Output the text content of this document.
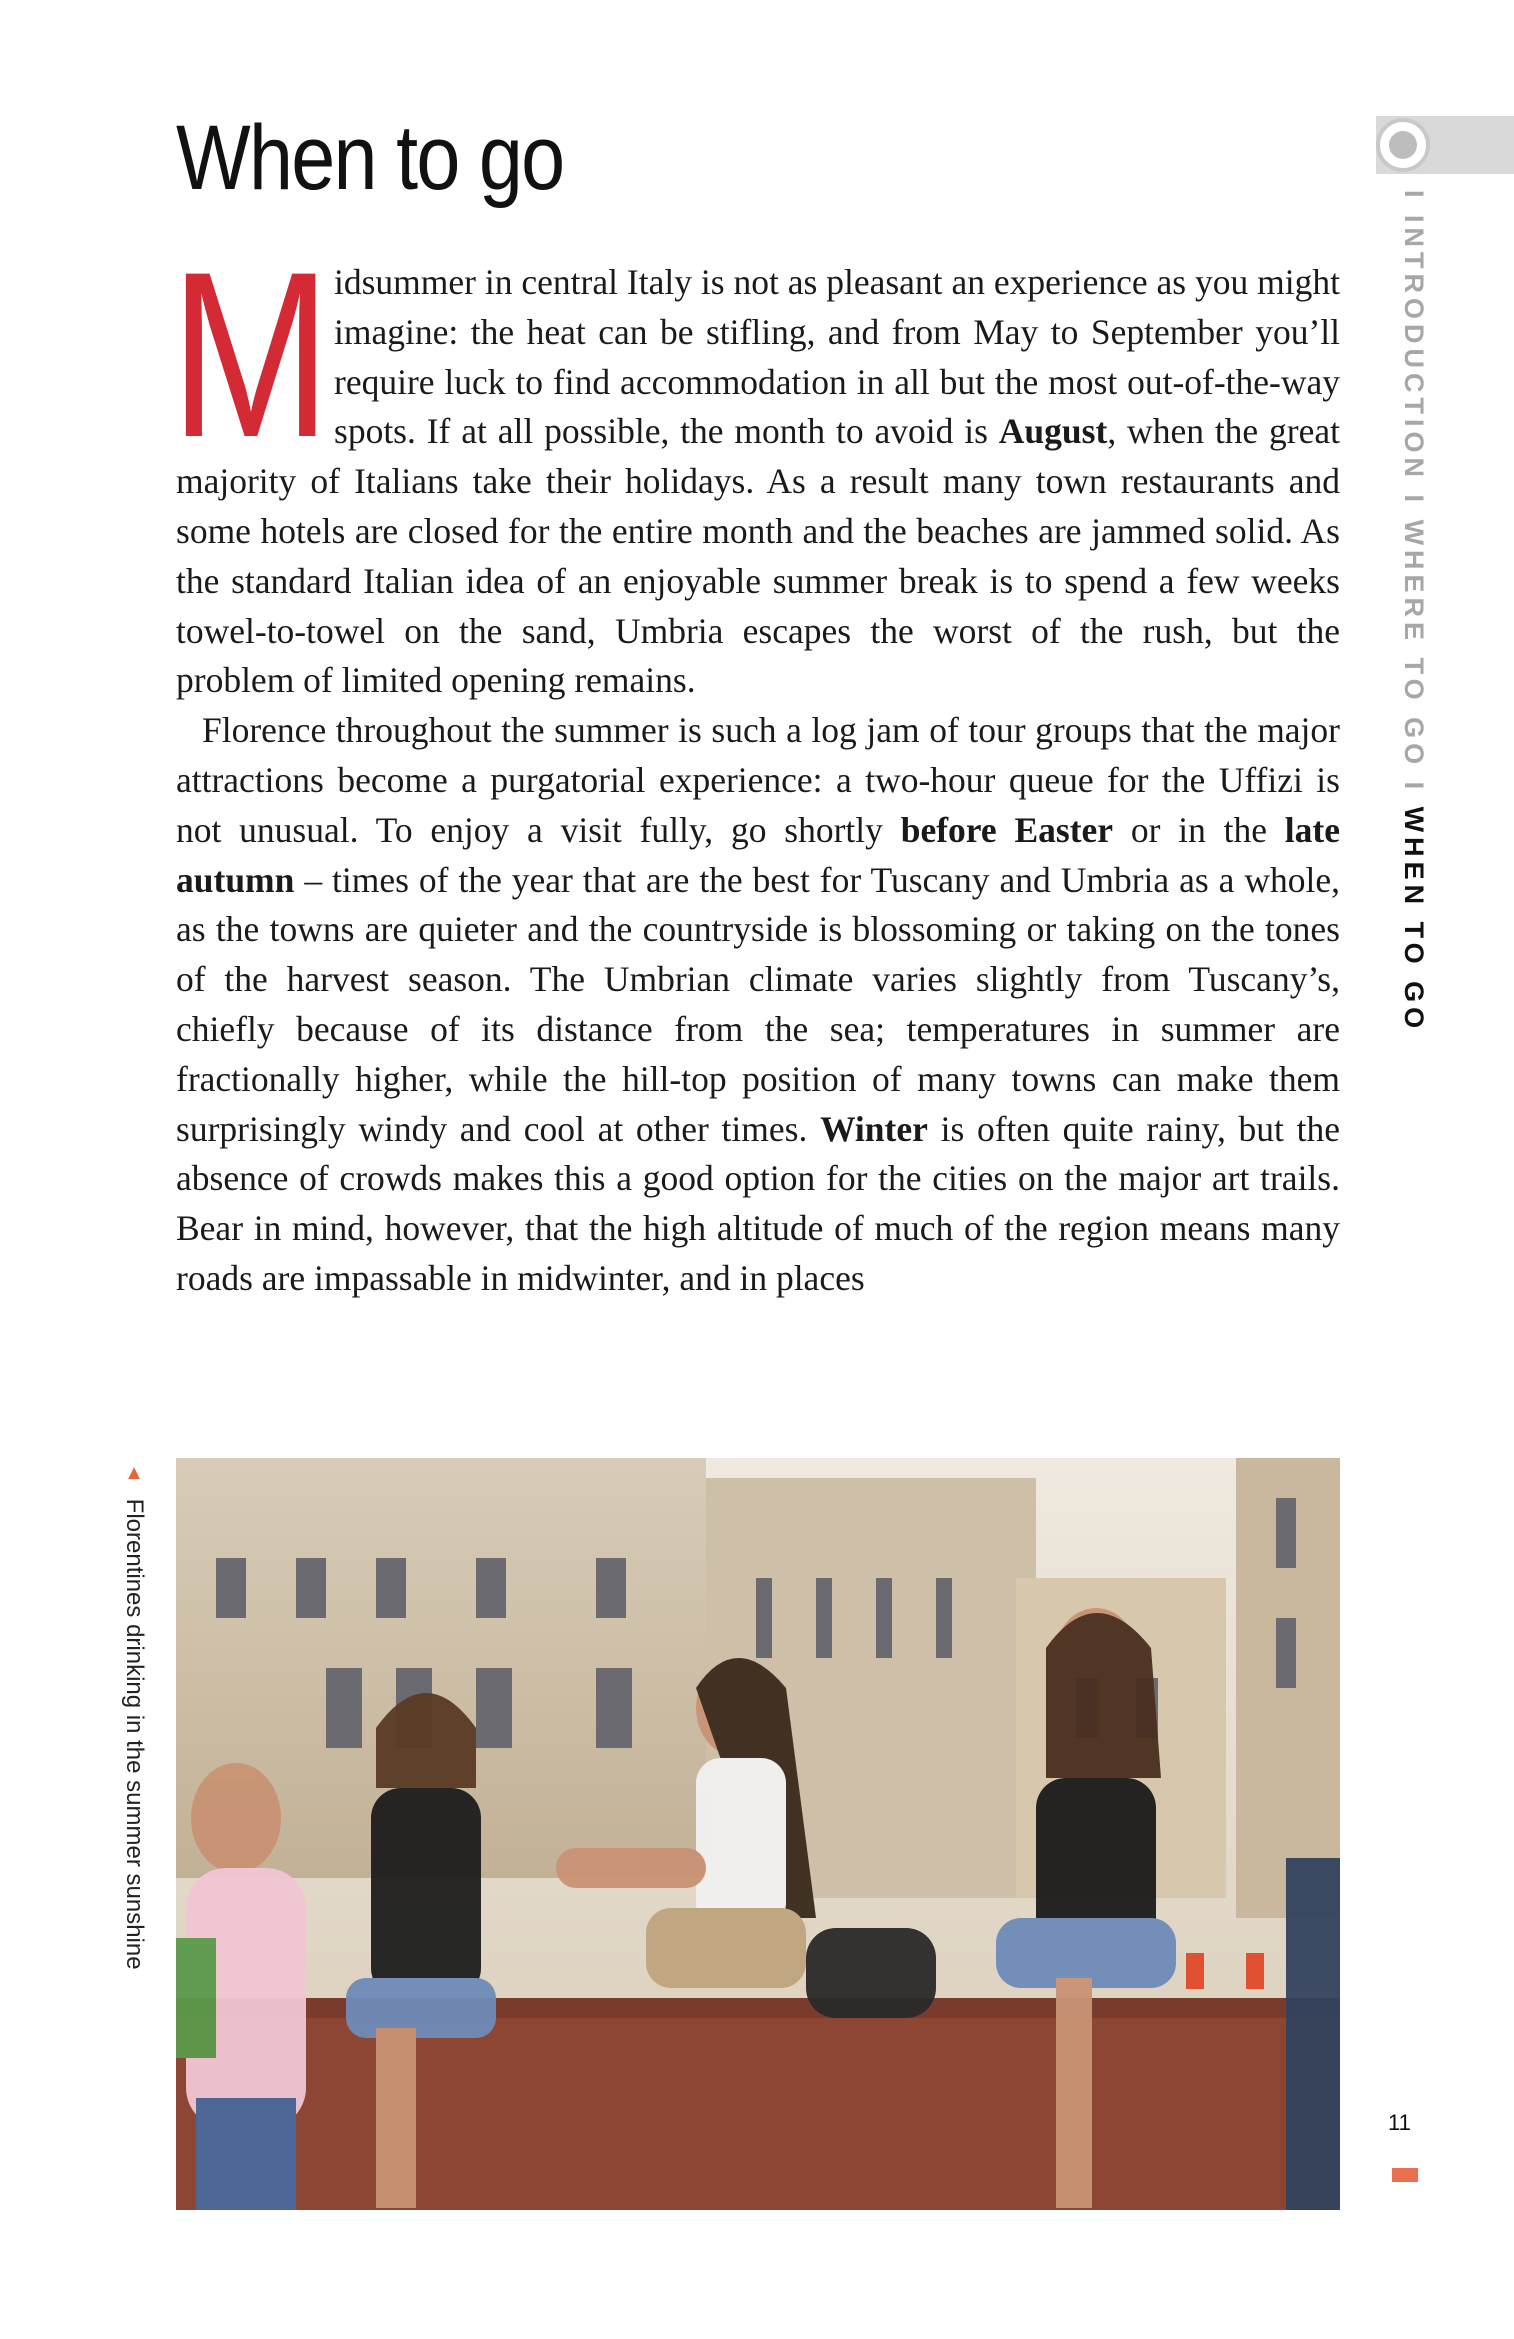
When to go	I INTRODUCTION I WHERE TO GO I WHEN TO GO

Midsummer in central Italy is not as pleasant an experience as you might imagine: the heat can be stifling, and from May to September you’ll require luck to find accommodation in all but the most out-of-the-way spots. If at all possible, the month to avoid is August, when the great majority of Italians take their holidays. As a result many town restaurants and some hotels are closed for the entire month and the beaches are jammed solid. As the standard Italian idea of an enjoyable summer break is to spend a few weeks towel-to-towel on the sand, Umbria escapes the worst of the rush, but the problem of limited opening remains.

Florence throughout the summer is such a log jam of tour groups that the major attractions become a purgatorial experience: a two-hour queue for the Uffizi is not unusual. To enjoy a visit fully, go shortly before Easter or in the late autumn – times of the year that are the best for Tuscany and Umbria as a whole, as the towns are quieter and the countryside is blossoming or taking on the tones of the harvest season. The Umbrian climate varies slightly from Tuscany’s, chiefly because of its distance from the sea; temperatures in summer are fractionally higher, while the hill-top position of many towns can make them surprisingly windy and cool at other times. Winter is often quite rainy, but the absence of crowds makes this a good option for the cities on the major art trails. Bear in mind, however, that the high altitude of much of the region means many roads are impassable in midwinter, and in places

▲ Florentines drinking in the summer sunshine
11
